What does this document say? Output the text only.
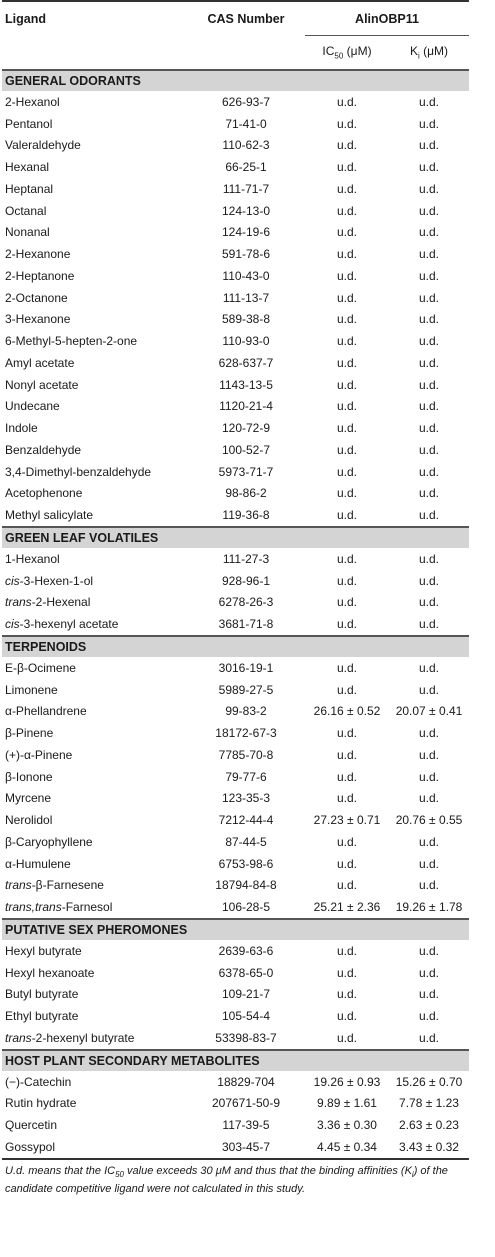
Ligand	CAS Number	AlinOBP11	
		$IC_{50}$ (μM)	$K_i$ (μM)
GENERAL ODORANTS			
2-Hexanol	626-93-7	u.d.	u.d.
Pentanol	71-41-0	u.d.	u.d.
Valeraldehyde	110-62-3	u.d.	u.d.
Hexanal	66-25-1	u.d.	u.d.
Heptanal	111-71-7	u.d.	u.d.
Octanal	124-13-0	u.d.	u.d.
Nonanal	124-19-6	u.d.	u.d.
2-Hexanone	591-78-6	u.d.	u.d.
2-Heptanone	110-43-0	u.d.	u.d.
2-Octanone	111-13-7	u.d.	u.d.
3-Hexanone	589-38-8	u.d.	u.d.
6-Methyl-5-hepten-2-one	110-93-0	u.d.	u.d.
Amyl acetate	628-637-7	u.d.	u.d.
Nonyl acetate	1143-13-5	u.d.	u.d.
Undecane	1120-21-4	u.d.	u.d.
Indole	120-72-9	u.d.	u.d.
Benzaldehyde	100-52-7	u.d.	u.d.
3,4-Dimethyl-benzaldehyde	5973-71-7	u.d.	u.d.
Acetophenone	98-86-2	u.d.	u.d.
Methyl salicylate	119-36-8	u.d.	u.d.
GREEN LEAF VOLATILES			
1-Hexanol	111-27-3	u.d.	u.d.
cis-3-Hexen-1-ol	928-96-1	u.d.	u.d.
trans-2-Hexenal	6278-26-3	u.d.	u.d.
cis-3-hexenyl acetate	3681-71-8	u.d.	u.d.
TERPENOIDS			
E-β-Ocimene	3016-19-1	u.d.	u.d.
Limonene	5989-27-5	u.d.	u.d.
α-Phellandrene	99-83-2	26.16 ± 0.52	20.07 ± 0.41
β-Pinene	18172-67-3	u.d.	u.d.
(+)-α-Pinene	7785-70-8	u.d.	u.d.
β-Ionone	79-77-6	u.d.	u.d.
Myrcene	123-35-3	u.d.	u.d.
Nerolidol	7212-44-4	27.23 ± 0.71	20.76 ± 0.55
β-Caryophyllene	87-44-5	u.d.	u.d.
α-Humulene	6753-98-6	u.d.	u.d.
trans-β-Farnesene	18794-84-8	u.d.	u.d.
trans,trans-Farnesol	106-28-5	25.21 ± 2.36	19.26 ± 1.78
PUTATIVE SEX PHEROMONES			
Hexyl butyrate	2639-63-6	u.d.	u.d.
Hexyl hexanoate	6378-65-0	u.d.	u.d.
Butyl butyrate	109-21-7	u.d.	u.d.
Ethyl butyrate	105-54-4	u.d.	u.d.
trans-2-hexenyl butyrate	53398-83-7	u.d.	u.d.
HOST PLANT SECONDARY METABOLITES			
(−)-Catechin	18829-704	19.26 ± 0.93	15.26 ± 0.70
Rutin hydrate	207671-50-9	9.89 ± 1.61	7.78 ± 1.23
Quercetin	117-39-5	3.36 ± 0.30	2.63 ± 0.23
Gossypol	303-45-7	4.45 ± 0.34	3.43 ± 0.32
U.d. means that the $IC_{50}$ value exceeds 30 μM and thus that the binding affinities $(K_i)$ of the candidate competitive ligand were not calculated in this study.
